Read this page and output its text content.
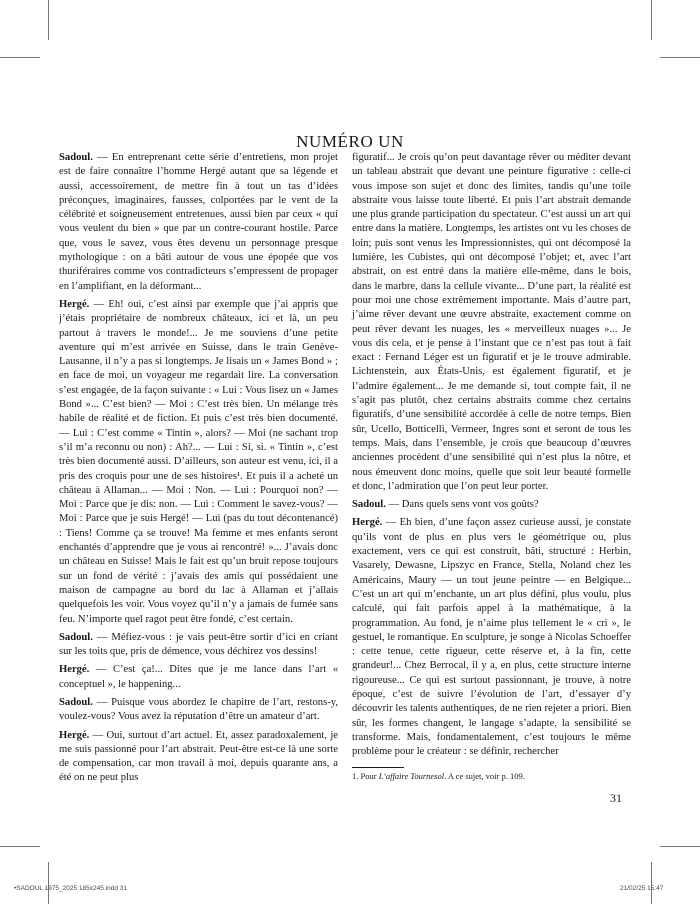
NUMÉRO UN

Sadoul. — En entreprenant cette série d’entretiens, mon projet est de faire connaître l’homme Hergé autant que sa légende et aussi, accessoirement, de mettre fin à tout un tas d’idées préconçues, imaginaires, fausses, colportées par le vent de la célébrité et soigneusement entretenues, aussi bien par ceux « qui vous veulent du bien » que par un contre-courant hostile. Parce que, vous le savez, vous êtes devenu un personnage presque mythologique : on a bâti autour de vous une épopée que vos thuriféraires comme vos contradicteurs s’empressent de propager en l’amplifiant, en la déformant...

Hergé. — Eh! oui, c’est ainsi par exemple que j’ai appris que j’étais propriétaire de nombreux châteaux, ici et là, un peu partout à travers le monde!... Je me souviens d’une petite aventure qui m’est arrivée en Suisse, dans le train Genève-Lausanne, il n’y a pas si longtemps. Je lisais un « James Bond » ; en face de moi, un voyageur me regardait lire. La conversation s’est engagée, de la façon suivante : « Lui : Vous lisez un « James Bond »... C’est bien? — Moi : C’est très bien. Un mélange très habile de réalité et de fiction. Et puis c’est très bien documenté. — Lui : C’est comme « Tintin », alors? — Moi (ne sachant trop s’il m’a reconnu ou non) : Ah?... — Lui : Si, si. « Tintin », c’est très bien documenté aussi. D’ailleurs, son auteur est venu, ici, il a pris des croquis pour une de ses histoires¹. Et puis il a acheté un château à Allaman... — Moi : Non. — Lui : Pourquoi non? — Moi : Parce que je dis: non. — Lui : Comment le savez-vous? — Moi : Parce que je suis Hergé! — Lui (pas du tout décontenancé) : Tiens! Comme ça se trouve! Ma femme et mes enfants seront enchantés d’apprendre que je vous ai rencontré! »... J’avais donc un château en Suisse! Mais le fait est qu’un bruit repose toujours sur un fond de vérité : j’avais des amis qui possédaient une maison de campagne au bord du lac à Allaman et j’allais quelquefois les voir. Vous voyez qu’il n’y a jamais de fumée sans feu. N’importe quel ragot peut être fondé, c’est certain.

Sadoul. — Méfiez-vous : je vais peut-être sortir d’ici en criant sur les toits que, pris de démence, vous déchirez vos dessins!

Hergé. — C’est ça!... Dites que je me lance dans l’art « conceptuel », le happening...

Sadoul. — Puisque vous abordez le chapitre de l’art, restons-y, voulez-vous? Vous avez la réputation d’être un amateur d’art.

Hergé. — Oui, surtout d’art actuel. Et, assez paradoxalement, je me suis passionné pour l’art abstrait. Peut-être est-ce là une sorte de compensation, car mon travail à moi, depuis quarante ans, a été on ne peut plus

figuratif... Je crois qu’on peut davantage rêver ou méditer devant un tableau abstrait que devant une peinture figurative : celle-ci vous impose son sujet et donc des limites, tandis qu’une toile abstraite vous laisse toute liberté. Et puis l’art abstrait demande une plus grande participation du spectateur. C’est aussi un art qui entre dans la matière. Longtemps, les artistes ont vu les choses de loin; puis sont venus les Impressionnistes, qui ont décomposé la lumière, les Cubistes, qui ont décomposé l’objet; et, avec l’art abstrait, on est entré dans la matière elle-même, dans le bois, dans le marbre, dans la cellule vivante... D’une part, la réalité est pour moi une chose extrêmement importante. Mais d’autre part, j’aime rêver devant une œuvre abstraite, exactement comme on peut rêver devant les nuages, les « merveilleux nuages »... Je vous dis cela, et je pense à l’instant que ce n’est pas tout à fait exact : Fernand Léger est un figuratif et je le trouve admirable. Lichtenstein, aux États-Unis, est également figuratif, et je l’admire également... Je me demande si, tout compte fait, il ne s’agit pas plutôt, chez certains abstraits comme chez certains figuratifs, d’une sensibilité accordée à celle de notre temps. Bien sûr, Ucello, Botticelli, Vermeer, Ingres sont et seront de tous les temps. Mais, dans l’ensemble, je crois que beaucoup d’œuvres anciennes procèdent d’une sensibilité qui n’est plus la nôtre, et nous émeuvent donc moins, quelle que soit leur beauté formelle et donc, l’admiration que l’on peut leur porter.

Sadoul. — Dans quels sens vont vos goûts?

Hergé. — Eh bien, d’une façon assez curieuse aussi, je constate qu’ils vont de plus en plus vers le géométrique ou, plus exactement, vers ce qui est construit, bâti, structuré : Herbin, Vasarely, Dewasne, Lipszyc en France, Stella, Noland chez les Américains, Maury — un tout jeune peintre — en Belgique... C’est un art qui m’enchante, un art plus défini, plus voulu, plus calculé, qui fait parfois appel à la mathématique, à la programmation. Au fond, je n’aime plus tellement le « cri », le gestuel, le romantique. En sculpture, je songe à Nicolas Schoeffer : cette tenue, cette rigueur, cette réserve et, à la fin, cette grandeur!... Chez Berrocal, il y a, en plus, cette structure interne rigoureuse... Ce qui est surtout passionnant, je trouve, à notre époque, c’est de suivre l’évolution de l’art, d’essayer d’y découvrir les talents authentiques, de ne rien rejeter a priori. Bien sûr, les formes changent, le langage s’adapte, la sensibilité se transforme. Mais, fondamentalement, c’est toujours le même problème pour le créateur : se définir, rechercher

1. Pour L’affaire Tournesol. A ce sujet, voir p. 109.
31
•SADOUL 1975_2025 185x245.indd 31	21/02/25 15:47
